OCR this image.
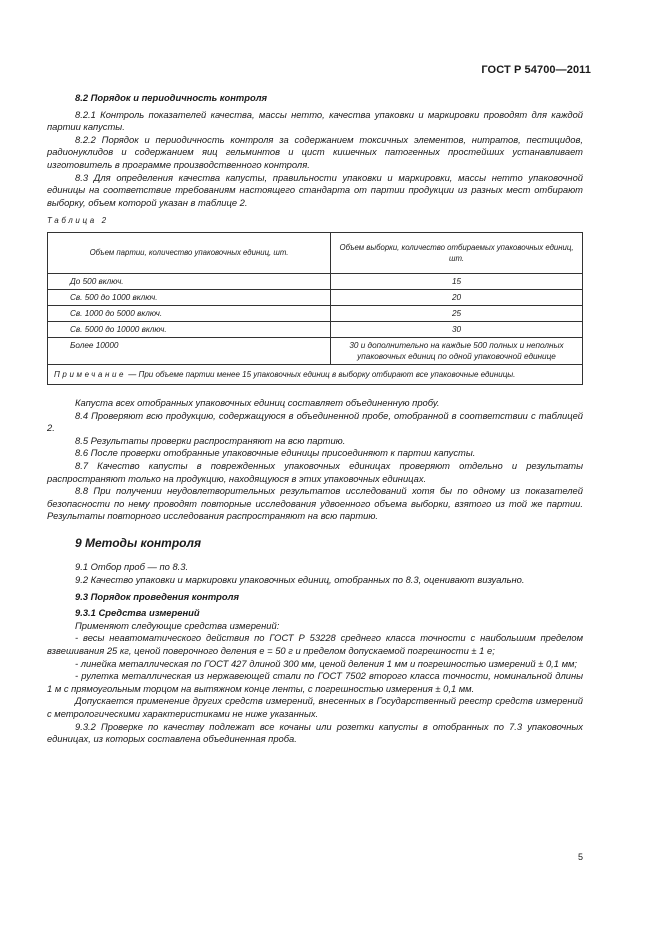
ГОСТ Р 54700—2011
8.2 Порядок и периодичность контроля

8.2.1 Контроль показателей качества, массы нетто, качества упаковки и маркировки проводят для каждой партии капусты.

8.2.2 Порядок и периодичность контроля за содержанием токсичных элементов, нитратов, пестицидов, радионуклидов и содержанием яиц гельминтов и цист кишечных патогенных простейших устанавливает изготовитель в программе производственного контроля.

8.3 Для определения качества капусты, правильности упаковки и маркировки, массы нетто упаковочной единицы на соответствие требованиям настоящего стандарта от партии продукции из разных мест отбирают выборку, объем которой указан в таблице 2.

Таблица 2
Объем партии, количество упаковочных единиц, шт.	Объем выборки, количество отбираемых упаковочных единиц, шт.
До 500 включ.	15
Св. 500 до 1000 включ.	20
Св. 1000 до 5000 включ.	25
Св. 5000 до 10000 включ.	30
Более 10000	30 и дополнительно на каждые 500 полных и неполных упаковочных единиц по одной упаковочной единице
Примечание — При объеме партии менее 15 упаковочных единиц в выборку отбирают все упаковочные единицы.	

Капуста всех отобранных упаковочных единиц составляет объединенную пробу.

8.4 Проверяют всю продукцию, содержащуюся в объединенной пробе, отобранной в соответствии с таблицей 2.

8.5 Результаты проверки распространяют на всю партию.

8.6 После проверки отобранные упаковочные единицы присоединяют к партии капусты.

8.7 Качество капусты в поврежденных упаковочных единицах проверяют отдельно и результаты распространяют только на продукцию, находящуюся в этих упаковочных единицах.

8.8 При получении неудовлетворительных результатов исследований хотя бы по одному из показателей безопасности по нему проводят повторные исследования удвоенного объема выборки, взятого из той же партии. Результаты повторного исследования распространяют на всю партию.

9 Методы контроля

9.1 Отбор проб — по 8.3.

9.2 Качество упаковки и маркировки упаковочных единиц, отобранных по 8.3, оценивают визуально.

9.3 Порядок проведения контроля
9.3.1 Средства измерений

Применяют следующие средства измерений:

- весы неавтоматического действия по ГОСТ Р 53228 среднего класса точности с наибольшим пределом взвешивания 25 кг, ценой поверочного деления e = 50 г и пределом допускаемой погрешности ± 1 e;

- линейка металлическая по ГОСТ 427 длиной 300 мм, ценой деления 1 мм и погрешностью измерений ± 0,1 мм;

- рулетка металлическая из нержавеющей стали по ГОСТ 7502 второго класса точности, номинальной длины 1 м с прямоугольным торцом на вытяжном конце ленты, с погрешностью измерения ± 0,1 мм.

Допускается применение других средств измерений, внесенных в Государственный реестр средств измерений с метрологическими характеристиками не ниже указанных.

9.3.2 Проверке по качеству подлежат все кочаны или розетки капусты в отобранных по 7.3 упаковочных единицах, из которых составлена объединенная проба.

5
